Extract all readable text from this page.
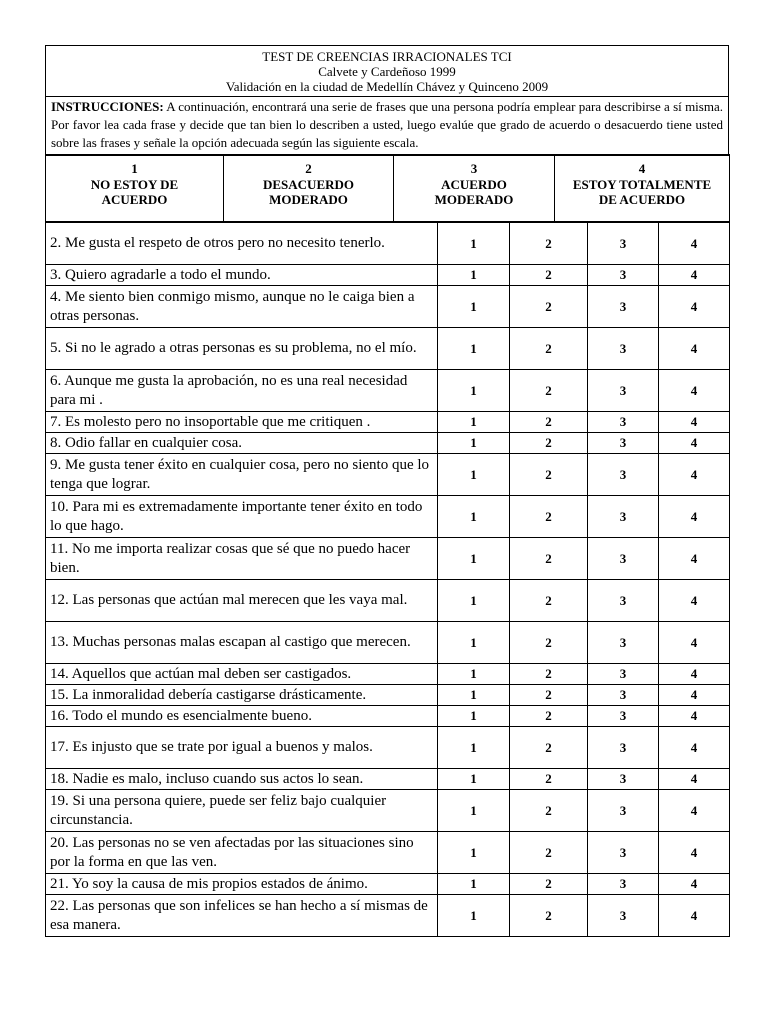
TEST DE CREENCIAS IRRACIONALES TCI
Calvete y Cardeñoso 1999
Validación en la ciudad de Medellín Chávez y Quinceno 2009
INSTRUCCIONES: A continuación, encontrará una serie de frases que una persona podría emplear para describirse a sí misma. Por favor lea cada frase y decide que tan bien lo describen a usted, luego evalúe que grado de acuerdo o desacuerdo tiene usted sobre las frases y señale la opción adecuada según las siguiente escala.
1
NO ESTOY DE
ACUERDO

2
DESACUERDO
MODERADO

3
ACUERDO
MODERADO

4
ESTOY TOTALMENTE
DE ACUERDO
2. Me gusta el respeto de otros pero no necesito tenerlo.	1	2	3	4
3. Quiero agradarle a todo el mundo.	1	2	3	4
4. Me siento bien conmigo mismo, aunque no le caiga bien a otras personas.	1	2	3	4
5. Si no le agrado a otras personas es su problema, no el mío.	1	2	3	4
6. Aunque me gusta la aprobación, no es una real necesidad para mi .	1	2	3	4
7. Es molesto pero no insoportable que me critiquen .	1	2	3	4
8. Odio fallar en cualquier cosa.	1	2	3	4
9. Me gusta tener éxito en cualquier cosa, pero no siento que lo tenga que lograr.	1	2	3	4
10. Para mi es extremadamente importante tener éxito en todo lo que hago.	1	2	3	4
11. No me importa realizar cosas que sé que no puedo hacer bien.	1	2	3	4
12. Las personas que actúan mal merecen que les vaya mal.	1	2	3	4
13. Muchas personas malas escapan al castigo que merecen.	1	2	3	4
14. Aquellos que actúan mal deben ser castigados.	1	2	3	4
15. La inmoralidad debería castigarse drásticamente.	1	2	3	4
16. Todo el mundo es esencialmente bueno.	1	2	3	4
17. Es injusto que se trate por igual a buenos y malos.	1	2	3	4
18. Nadie es malo, incluso cuando sus actos lo sean.	1	2	3	4
19. Si una persona quiere, puede ser feliz bajo cualquier circunstancia.	1	2	3	4
20. Las personas no se ven afectadas por las situaciones sino por la forma en que las ven.	1	2	3	4
21. Yo soy la causa de mis propios estados de ánimo.	1	2	3	4
22. Las personas que son infelices se han hecho a sí mismas de esa manera.	1	2	3	4
